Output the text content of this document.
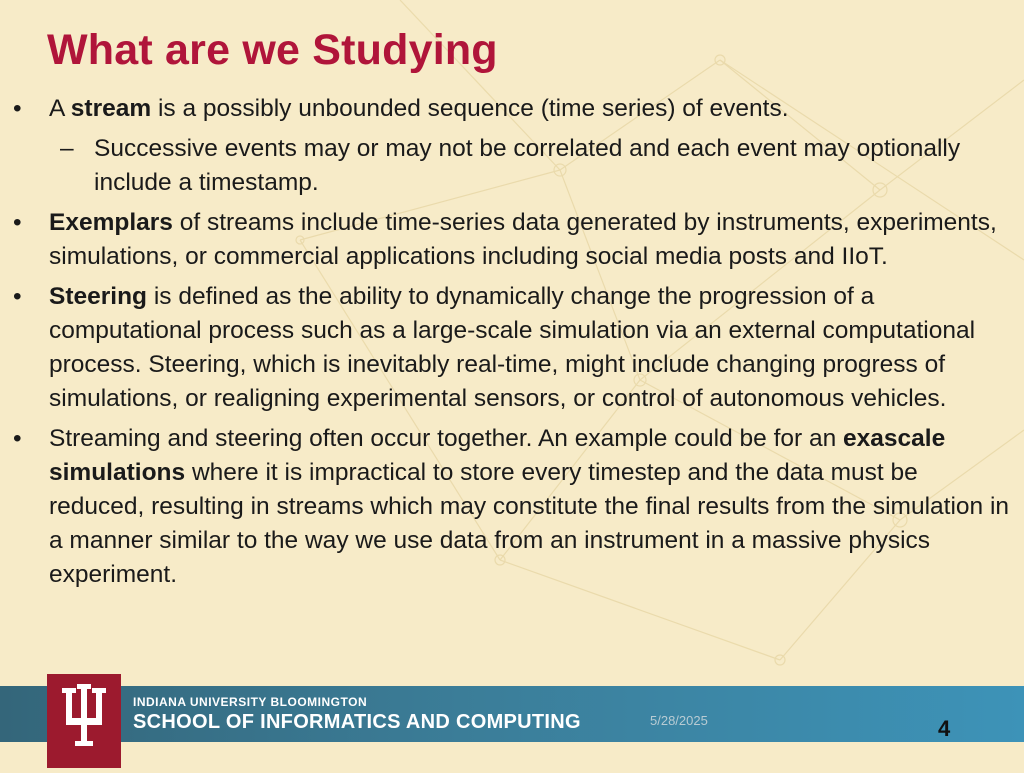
What are we Studying
• A stream is a possibly unbounded sequence (time series) of events.
– Successive events may or may not be correlated and each event may optionally include a timestamp.
• Exemplars of streams include time-series data generated by instruments, experiments, simulations, or commercial applications including social media posts and IIoT.
• Steering is defined as the ability to dynamically change the progression of a computational process such as a large-scale simulation via an external computational process. Steering, which is inevitably real-time, might include changing progress of simulations, or realigning experimental sensors, or control of autonomous vehicles.
• Streaming and steering often occur together. An example could be for an exascale simulations where it is impractical to store every timestep and the data must be reduced, resulting in streams which may constitute the final results from the simulation in a manner similar to the way we use data from an instrument in a massive physics experiment.
INDIANA UNIVERSITY BLOOMINGTON
SCHOOL OF INFORMATICS AND COMPUTING	5/28/2025	4
